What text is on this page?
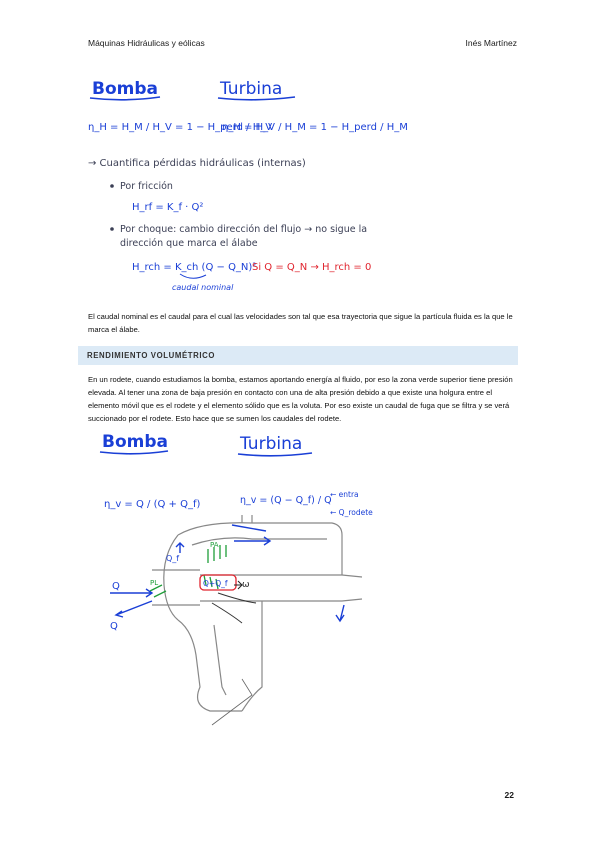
Máquinas Hidráulicas y eólicas	Inés Martínez
Bomba	Turbina
η_H = H_M / H_V = 1 − H_perd / H_V
η_H = H_V / H_M = 1 − H_perd / H_M
→ Cuantifica pérdidas hidráulicas (internas)
Por fricción
H_rf = K_f · Q²
Por choque: cambio dirección del flujo → no sigue la
dirección que marca el álabe
H_rch = K_ch (Q − Q_N)²
caudal nominal
Si Q = Q_N → H_rch = 0
El caudal nominal es el caudal para el cual las velocidades son tal que esa trayectoria que sigue la partícula fluida es la que le marca el álabe.
RENDIMIENTO VOLUMÉTRICO
En un rodete, cuando estudiamos la bomba, estamos aportando energía al fluido, por eso la zona verde superior tiene presión elevada. Al tener una zona de baja presión en contacto con una de alta presión debido a que existe una holgura entre el elemento móvil que es el rodete y el elemento sólido que es la voluta. Por eso existe un caudal de fuga que se filtra y se verá succionado por el rodete. Esto hace que se sumen los caudales del rodete.
Bomba	Turbina
η_v = Q / (Q + Q_f)	η_v = (Q − Q_f) / Q
← entra
← Q_rodete
PA
PL
Q
Q
Q_f
Q+Q_f ω
22
